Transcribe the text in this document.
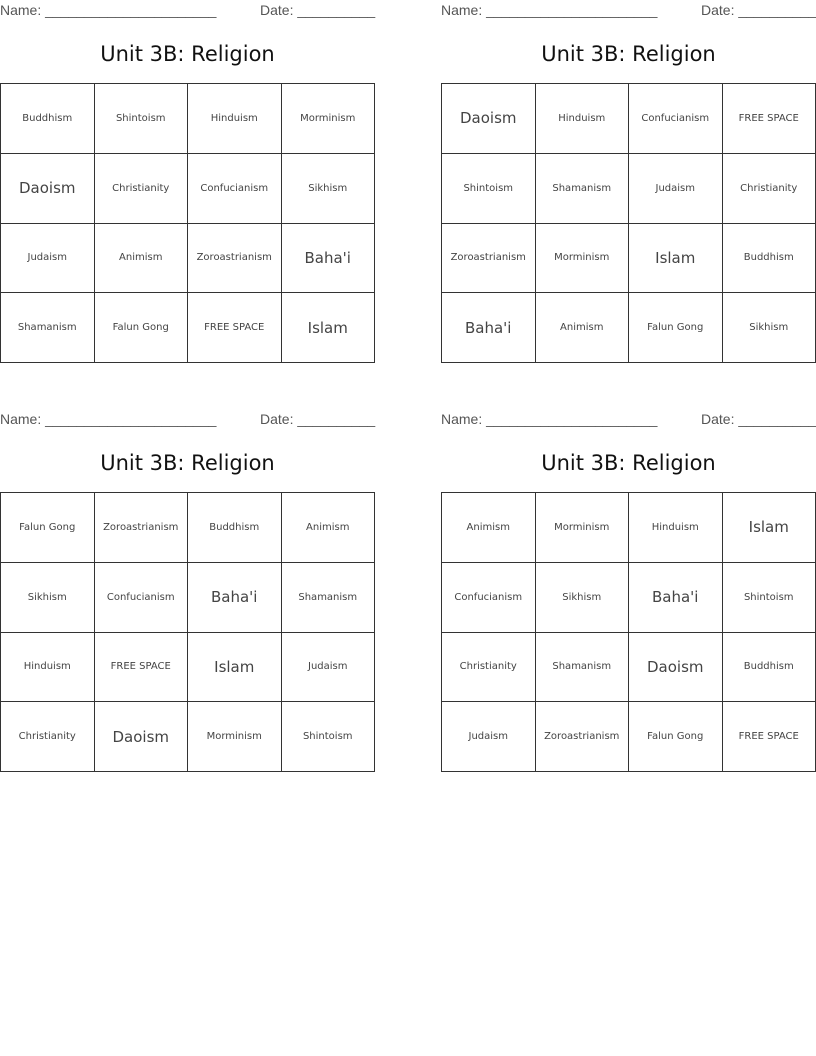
Name: ______________________	Date: __________
Unit 3B: Religion
Buddhism	Shintoism	Hinduism	Morminism
Daoism	Christianity	Confucianism	Sikhism
Judaism	Animism	Zoroastrianism	Baha'i
Shamanism	Falun Gong	FREE SPACE	Islam
Name: ______________________	Date: __________
Unit 3B: Religion
Daoism	Hinduism	Confucianism	FREE SPACE
Shintoism	Shamanism	Judaism	Christianity
Zoroastrianism	Morminism	Islam	Buddhism
Baha'i	Animism	Falun Gong	Sikhism
Name: ______________________	Date: __________
Unit 3B: Religion
Falun Gong	Zoroastrianism	Buddhism	Animism
Sikhism	Confucianism	Baha'i	Shamanism
Hinduism	FREE SPACE	Islam	Judaism
Christianity	Daoism	Morminism	Shintoism
Name: ______________________	Date: __________
Unit 3B: Religion
Animism	Morminism	Hinduism	Islam
Confucianism	Sikhism	Baha'i	Shintoism
Christianity	Shamanism	Daoism	Buddhism
Judaism	Zoroastrianism	Falun Gong	FREE SPACE
